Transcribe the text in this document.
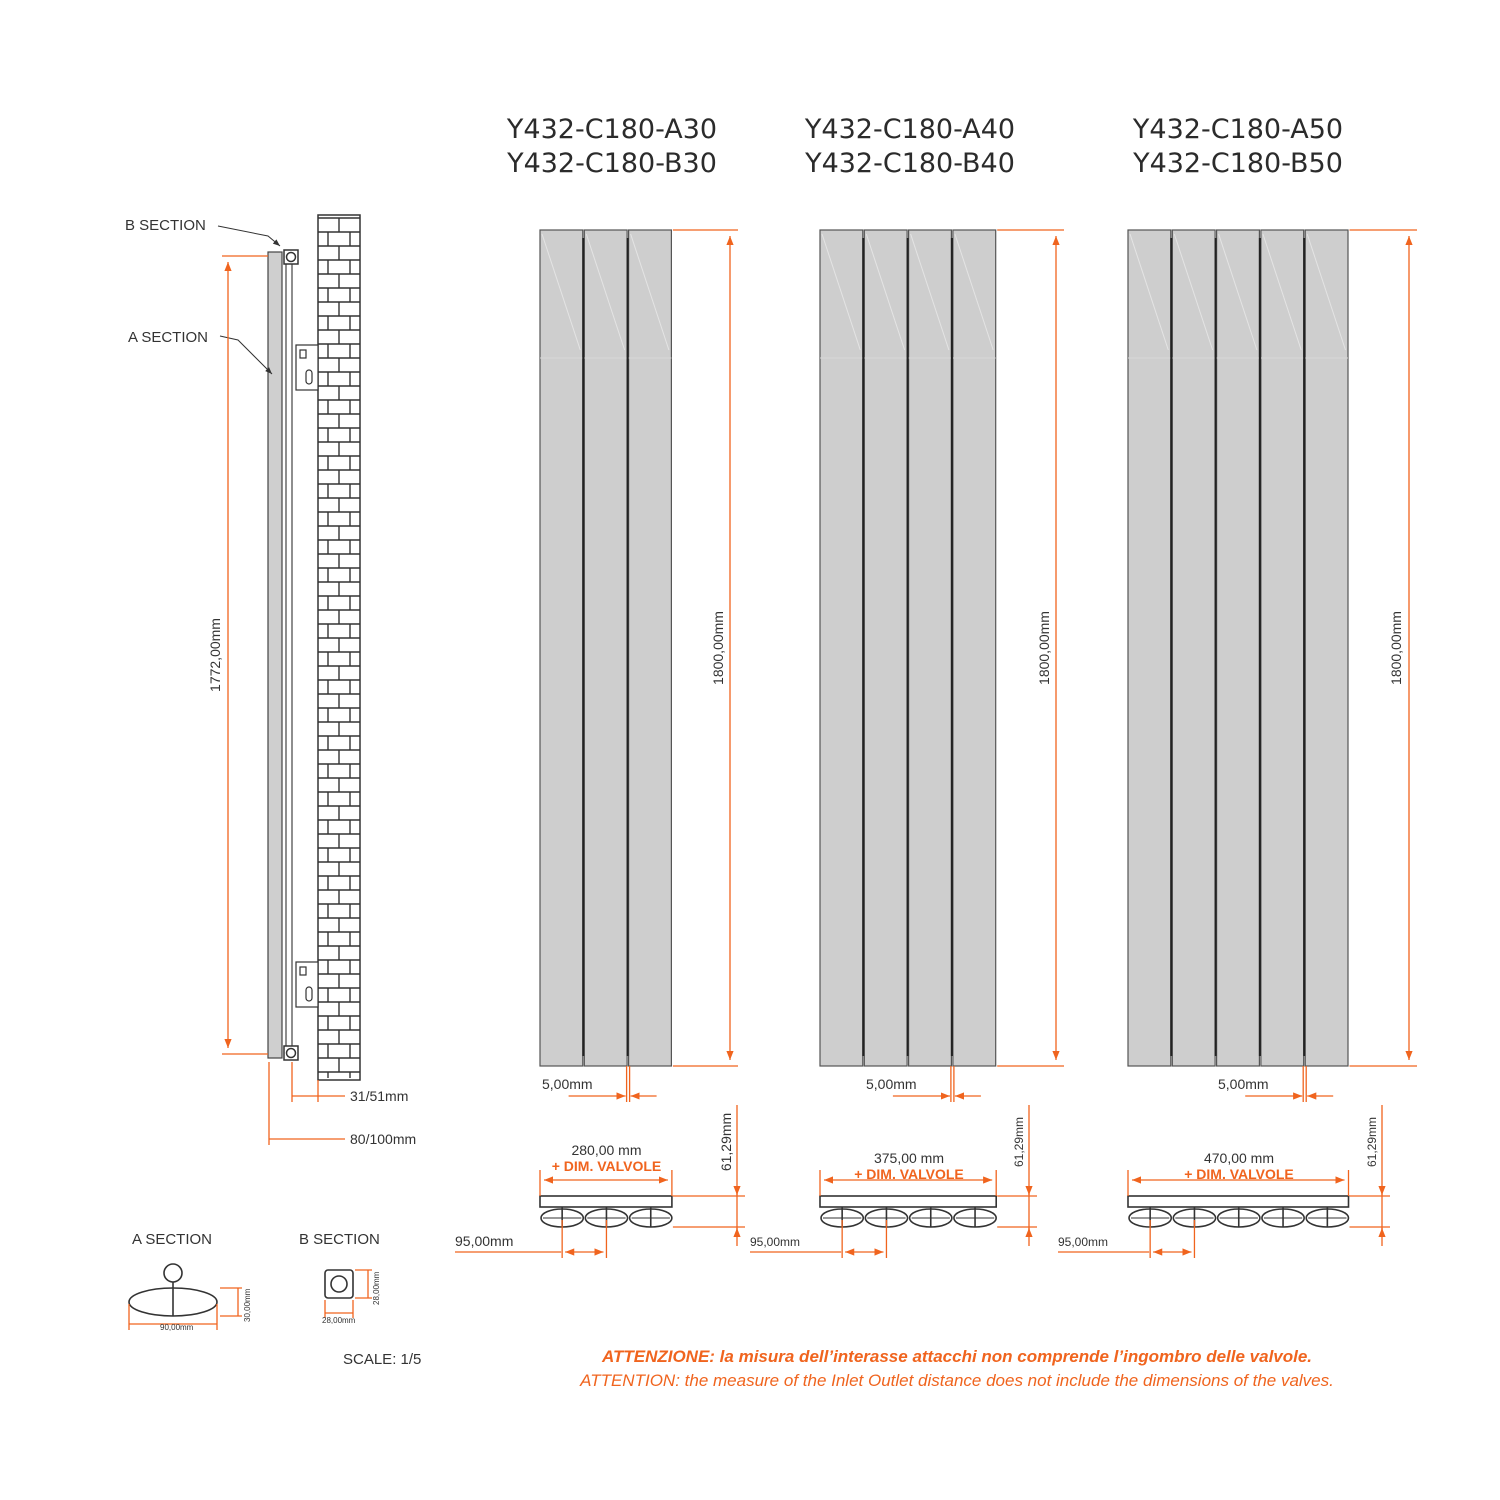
Y432-C180-A30
Y432-C180-B30
Y432-C180-A40
Y432-C180-B40
Y432-C180-A50
Y432-C180-B50
B SECTION
A SECTION
1772,00mm
31/51mm
80/100mm
A SECTION
90,00mm
30,00mm
B SECTION
28,00mm
28,00mm
SCALE: 1/5
1800,00mm
5,00mm
280,00 mm
+ DIM. VALVOLE	61,29mm
95,00mm
1800,00mm
5,00mm
375,00 mm
+ DIM. VALVOLE
61,29mm
95,00mm
1800,00mm
5,00mm
470,00 mm
+ DIM. VALVOLE
61,29mm
95,00mm
ATTENZIONE: la misura dell’interasse attacchi non comprende l’ingombro delle valvole.
ATTENTION: the measure of the Inlet Outlet distance does not include the dimensions of the valves.
